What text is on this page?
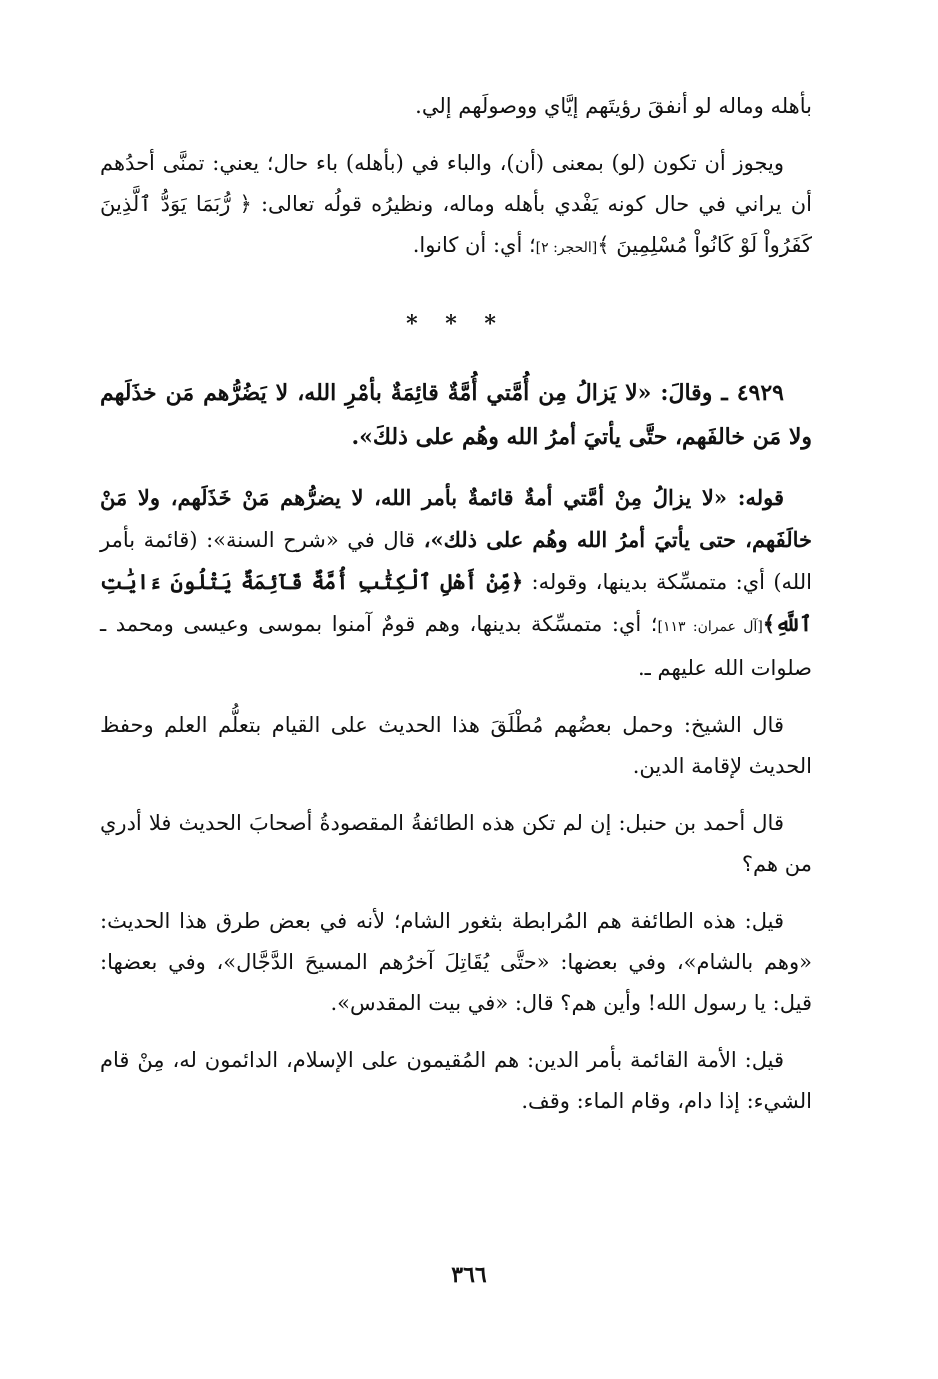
بأهله وماله لو أنفقَ رؤيتَهم إيَّاي ووصولَهم إلي.

ويجوز أن تكون (لو) بمعنى (أن)، والباء في (بأهله) باء حال؛ يعني: تمنَّى أحدُهم أن يراني في حال كونه يَفْدي بأهله وماله، ونظيرُه قولُه تعالى: ﴿ رُّبَمَا يَوَدُّ ٱلَّذِينَ كَفَرُواْ لَوْ كَانُواْ مُسْلِمِينَ ﴾[الحجر: ٢]؛ أي: أن كانوا.

* * *

٤٩٢٩ ـ وقالَ: «لا يَزالُ مِن أُمَّتي أُمَّةٌ قائِمَةٌ بأمْرِ الله، لا يَضُرُّهم مَن خذَلَهم ولا مَن خالفَهم، حتَّى يأتيَ أمرُ الله وهُم على ذلكَ».

قوله: «لا يزالُ مِنْ أمَّتي أمةٌ قائمةٌ بأمر الله، لا يضرُّهم مَنْ خَذَلَهم، ولا مَنْ خالَفَهم، حتى يأتيَ أمرُ الله وهُم على ذلك»، قال في «شرح السنة»: (قائمة بأمر الله) أي: متمسِّكة بدينها، وقوله: ﴿مِّنْ أَهْلِ ٱلْكِتَٰبِ أُمَّةٌ قَآئِمَةٌ يَتْلُونَ ءَايَٰتِ ٱللَّهِ﴾[آل عمران: ١١٣]؛ أي: متمسِّكة بدينها، وهم قومٌ آمنوا بموسى وعيسى ومحمد ـ صلوات الله عليهم ـ.

قال الشيخ: وحمل بعضُهم مُطْلَقَ هذا الحديث على القيام بتعلُّم العلم وحفظ الحديث لإقامة الدين.

قال أحمد بن حنبل: إن لم تكن هذه الطائفةُ المقصودةُ أصحابَ الحديث فلا أدري من هم؟

قيل: هذه الطائفة هم المُرابطة بثغور الشام؛ لأنه في بعض طرق هذا الحديث: «وهم بالشام»، وفي بعضها: «حتَّى يُقَاتِلَ آخرُهم المسيحَ الدَّجَّال»، وفي بعضها: قيل: يا رسول الله! وأين هم؟ قال: «في بيت المقدس».

قيل: الأمة القائمة بأمر الدين: هم المُقيمون على الإسلام، الدائمون له، مِنْ قام الشيء: إذا دام، وقام الماء: وقف.

٣٦٦
